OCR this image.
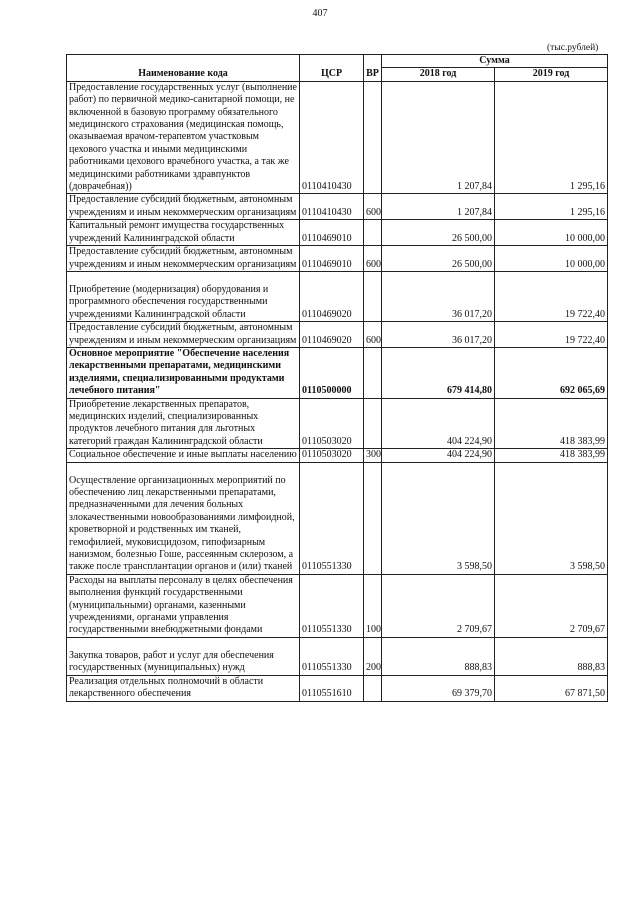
407
(тыс.рублей)
Наименование кода	ЦСР	ВР	Сумма	
			2018 год	2019 год
Предоставление государственных услуг (выполнение работ) по первичной медико-санитарной помощи, не включенной в базовую программу обязательного медицинского страхования (медицинская помощь, оказываемая врачом-терапевтом участковым цехового участка и иными медицинскими работниками цехового врачебного участка, а так же медицинскими работниками здравпунктов (доврачебная))	0110410430		1 207,84	1 295,16
Предоставление субсидий бюджетным, автономным учреждениям и иным некоммерческим организациям	0110410430	600	1 207,84	1 295,16
Капитальный ремонт имущества государственных учреждений Калининградской области	0110469010		26 500,00	10 000,00
Предоставление субсидий бюджетным, автономным учреждениям и иным некоммерческим организациям	0110469010	600	26 500,00	10 000,00

Приобретение (модернизация) оборудования и программного обеспечения государственными учреждениями Калининградской области	0110469020		36 017,20	19 722,40
Предоставление субсидий бюджетным, автономным учреждениям и иным некоммерческим организациям	0110469020	600	36 017,20	19 722,40
Основное мероприятие "Обеспечение населения лекарственными препаратами, медицинскими изделиями, специализированными продуктами лечебного питания"	0110500000		679 414,80	692 065,69
Приобретение лекарственных препаратов, медицинских изделий, специализированных продуктов лечебного питания для льготных категорий граждан Калининградской области	0110503020		404 224,90	418 383,99
Социальное обеспечение и иные выплаты населению	0110503020	300	404 224,90	418 383,99

Осуществление организационных мероприятий по обеспечению лиц лекарственными препаратами, предназначенными для лечения больных злокачественными новообразованиями лимфоидной, кроветворной и родственных им тканей, гемофилией, муковисцидозом, гипофизарным нанизмом, болезнью Гоше, рассеянным склерозом, а также после трансплантации органов и (или) тканей	0110551330		3 598,50	3 598,50
Расходы на выплаты персоналу в целях обеспечения выполнения функций государственными (муниципальными) органами, казенными учреждениями, органами управления государственными внебюджетными фондами	0110551330	100	2 709,67	2 709,67

Закупка товаров, работ и услуг для обеспечения государственных (муниципальных) нужд	0110551330	200	888,83	888,83
Реализация отдельных полномочий в области лекарственного обеспечения	0110551610		69 379,70	67 871,50
